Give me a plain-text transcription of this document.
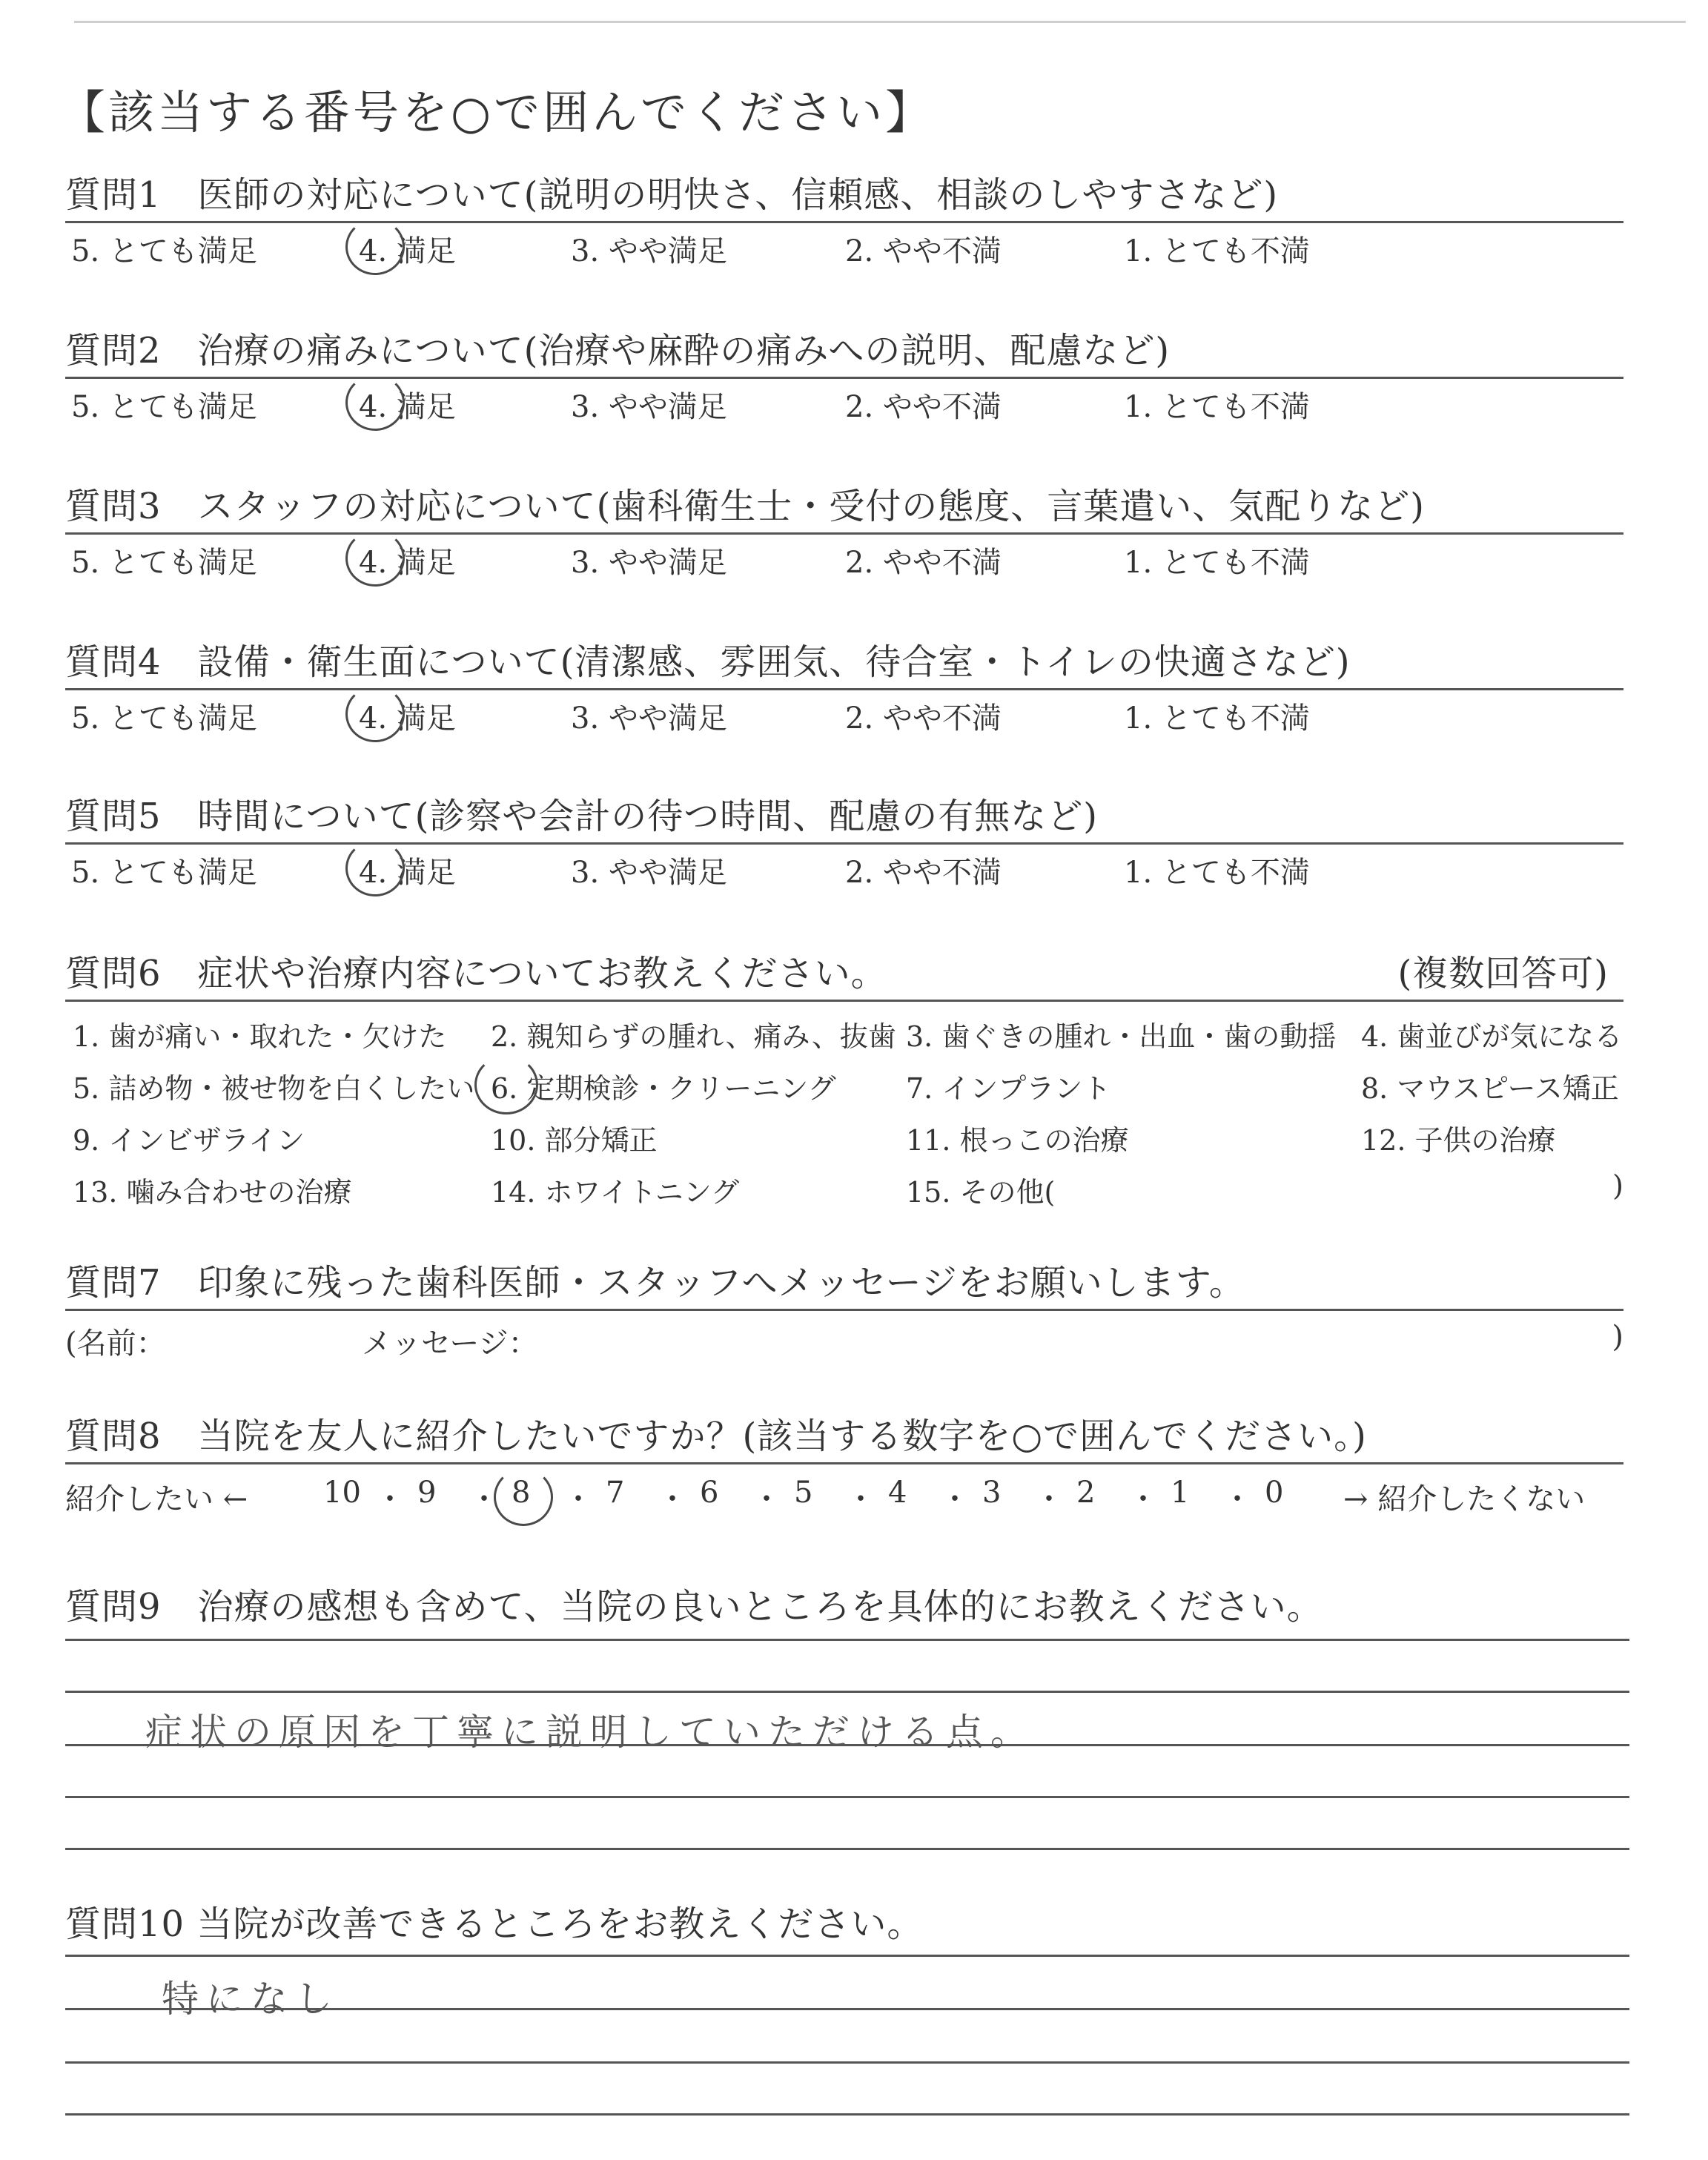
【該当する番号を○で囲んでください】
質問1　医師の対応について(説明の明快さ、信頼感、相談のしやすさなど)
5. とても満足	4. 満足	3. やや満足	2. やや不満	1. とても不満
質問2　治療の痛みについて(治療や麻酔の痛みへの説明、配慮など)
5. とても満足	4. 満足	3. やや満足	2. やや不満	1. とても不満
質問3　スタッフの対応について(歯科衛生士・受付の態度、言葉遣い、気配りなど)
5. とても満足	4. 満足	3. やや満足	2. やや不満	1. とても不満
質問4　設備・衛生面について(清潔感、雰囲気、待合室・トイレの快適さなど)
5. とても満足	4. 満足	3. やや満足	2. やや不満	1. とても不満
質問5　時間について(診察や会計の待つ時間、配慮の有無など)
5. とても満足	4. 満足	3. やや満足	2. やや不満	1. とても不満
質問6　症状や治療内容についてお教えください。	(複数回答可)
1. 歯が痛い・取れた・欠けた 2. 親知らずの腫れ、痛み、抜歯 3. 歯ぐきの腫れ・出血・歯の動揺 4. 歯並びが気になる
5. 詰め物・被せ物を白くしたい 6. 定期検診・クリーニング 7. インプラント	8. マウスピース矯正
9. インビザライン	10. 部分矯正	11. 根っこの治療	12. 子供の治療
13. 噛み合わせの治療	14. ホワイトニング	15. その他(	)
質問7　印象に残った歯科医師・スタッフへメッセージをお願いします。
(名前：	メッセージ：	)
質問8　当院を友人に紹介したいですか？(該当する数字を○で囲んでください。)
紹介したい ←	10 ・ 9 ・ 8 ・ 7 ・ 6 ・ 5 ・ 4 ・ 3 ・ 2 ・ 1 ・ 0 → 紹介したくない
質問9　治療の感想も含めて、当院の良いところを具体的にお教えください。
症状の原因を丁寧に説明していただける点。
質問10 当院が改善できるところをお教えください。
特になし
